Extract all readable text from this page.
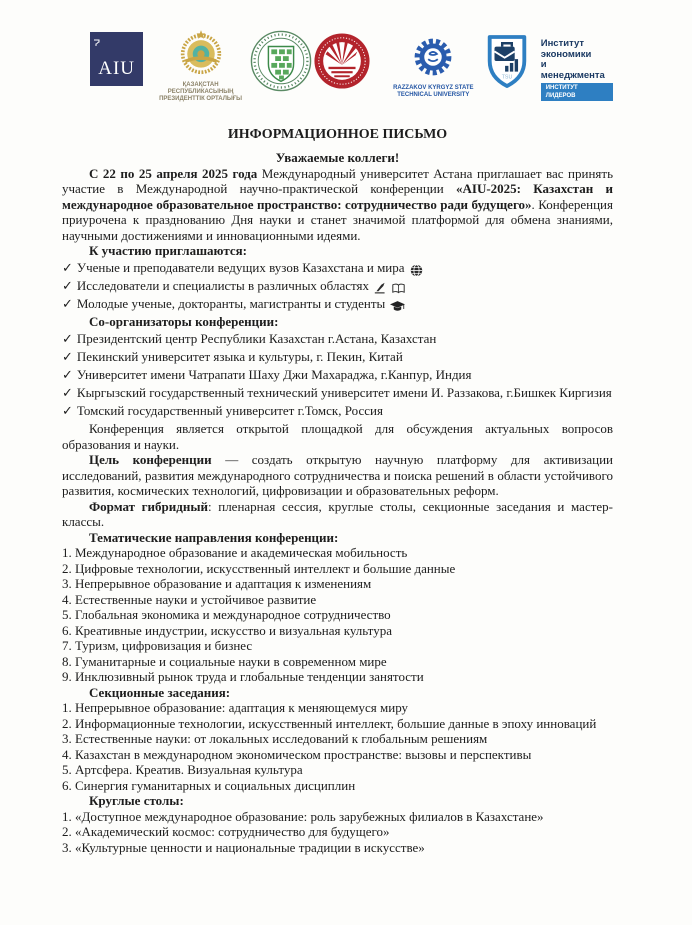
AIU
ҚАЗАҚСТАН РЕСПУБЛИКАСЫНЫҢ
ПРЕЗИДЕНТТІК ОРТАЛЫҒЫ
RAZZAKOV KYRGYZ STATE
TECHNICAL UNIVERSITY
TSU
Институт
экономики
и менеджмента
ИНСТИТУТ ЛИДЕРОВ
ИНФОРМАЦИОННОЕ ПИСЬМО
Уважаемые коллеги!

С 22 по 25 апреля 2025 года Международный университет Астана приглашает вас принять участие в Международной научно-практической конференции «AIU-2025: Казахстан и международное образовательное пространство: сотрудничество ради будущего». Конференция приурочена к празднованию Дня науки и станет значимой платформой для обмена знаниями, научными достижениями и инновационными идеями.

К участию приглашаются:
✓ Ученые и преподаватели ведущих вузов Казахстана и мира
✓ Исследователи и специалисты в различных областях
✓ Молодые ученые, докторанты, магистранты и студенты
Со-организаторы конференции:
✓ Президентский центр Республики Казахстан г.Астана, Казахстан
✓ Пекинский университет языка и культуры, г. Пекин, Китай
✓ Университет имени Чатрапати Шаху Джи Махараджа, г.Канпур, Индия
✓ Кыргызский государственный технический университет имени И. Раззакова, г.Бишкек Киргизия
✓ Томский государственный университет г.Томск, Россия

Конференция является открытой площадкой для обсуждения актуальных вопросов образования и науки.

Цель конференции — создать открытую научную платформу для активизации исследований, развития международного сотрудничества и поиска решений в области устойчивого развития, космических технологий, цифровизации и образовательных реформ.

Формат гибридный: пленарная сессия, круглые столы, секционные заседания и мастер-классы.

Тематические направления конференции:
1. Международное образование и академическая мобильность
2. Цифровые технологии, искусственный интеллект и большие данные
3. Непрерывное образование и адаптация к изменениям
4. Естественные науки и устойчивое развитие
5. Глобальная экономика и международное сотрудничество
6. Креативные индустрии, искусство и визуальная культура
7. Туризм, цифровизация и бизнес
8. Гуманитарные и социальные науки в современном мире
9. Инклюзивный рынок труда и глобальные тенденции занятости
Секционные заседания:
1. Непрерывное образование: адаптация к меняющемуся миру
2. Информационные технологии, искусственный интеллект, большие данные в эпоху инноваций
3. Естественные науки: от локальных исследований к глобальным решениям
4. Казахстан в международном экономическом пространстве: вызовы и перспективы
5. Артсфера. Креатив. Визуальная культура
6. Синергия гуманитарных и социальных дисциплин
Круглые столы:
1. «Доступное международное образование: роль зарубежных филиалов в Казахстане»
2. «Академический космос: сотрудничество для будущего»
3. «Культурные ценности и национальные традиции в искусстве»
